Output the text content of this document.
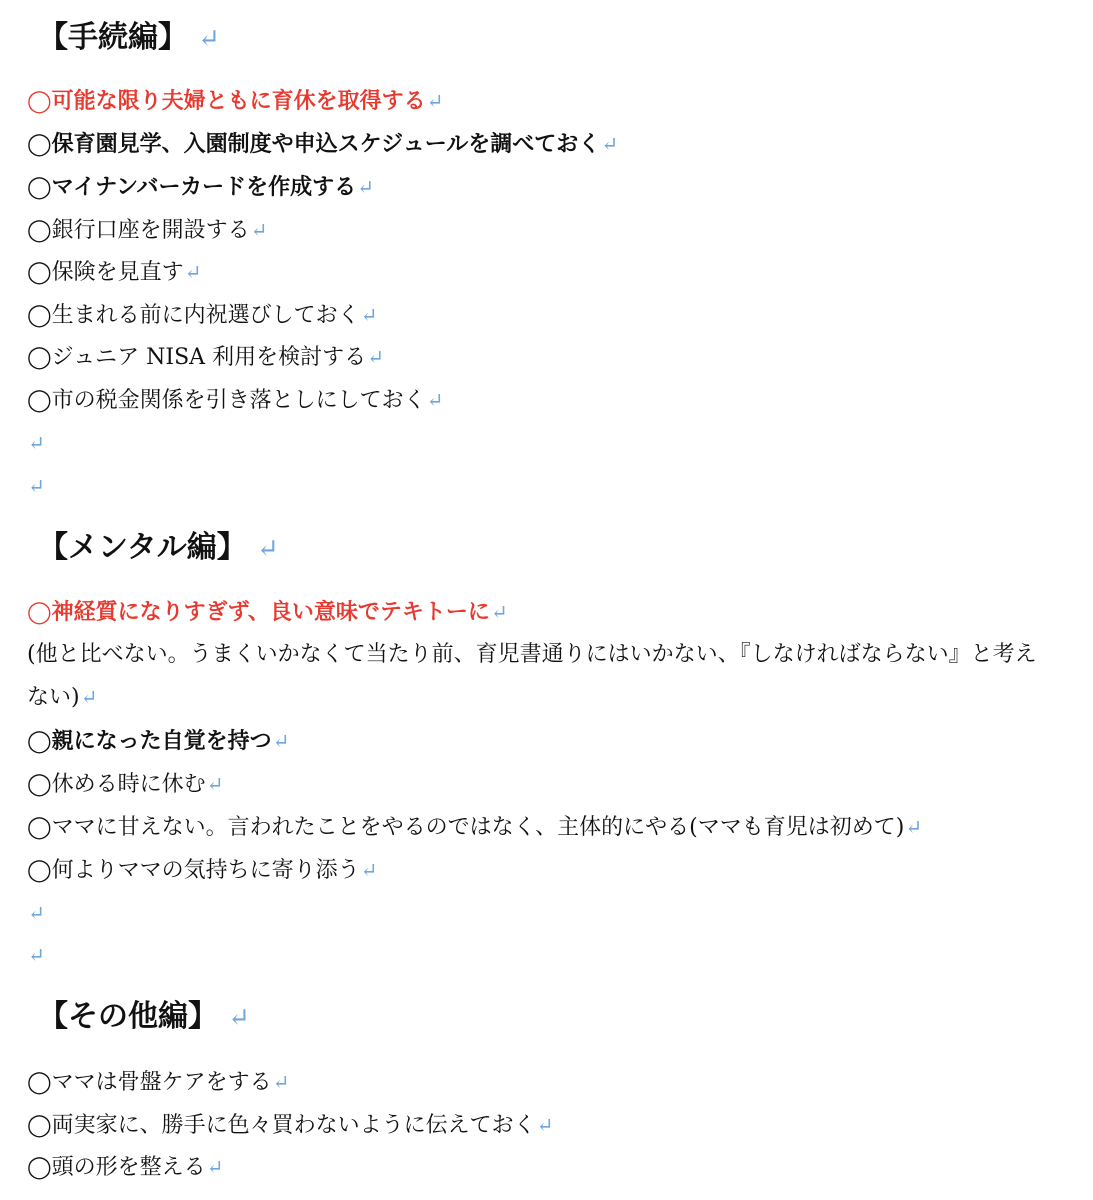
【手続編】 ↵
◯可能な限り夫婦ともに育休を取得する↵
◯保育園見学、入園制度や申込スケジュールを調べておく↵
◯マイナンバーカードを作成する↵
◯銀行口座を開設する↵
◯保険を見直す↵
◯生まれる前に内祝選びしておく↵
◯ジュニア NISA 利用を検討する↵
◯市の税金関係を引き落としにしておく↵
↵
↵
【メンタル編】 ↵
◯神経質になりすぎず、良い意味でテキトーに↵
(他と比べない。うまくいかなくて当たり前、育児書通りにはいかない、『しなければならない』と考えない)↵
◯親になった自覚を持つ↵
◯休める時に休む↵
◯ママに甘えない。言われたことをやるのではなく、主体的にやる(ママも育児は初めて)↵
◯何よりママの気持ちに寄り添う↵
↵
↵
【その他編】 ↵
◯ママは骨盤ケアをする↵
◯両実家に、勝手に色々買わないように伝えておく↵
◯頭の形を整える↵
